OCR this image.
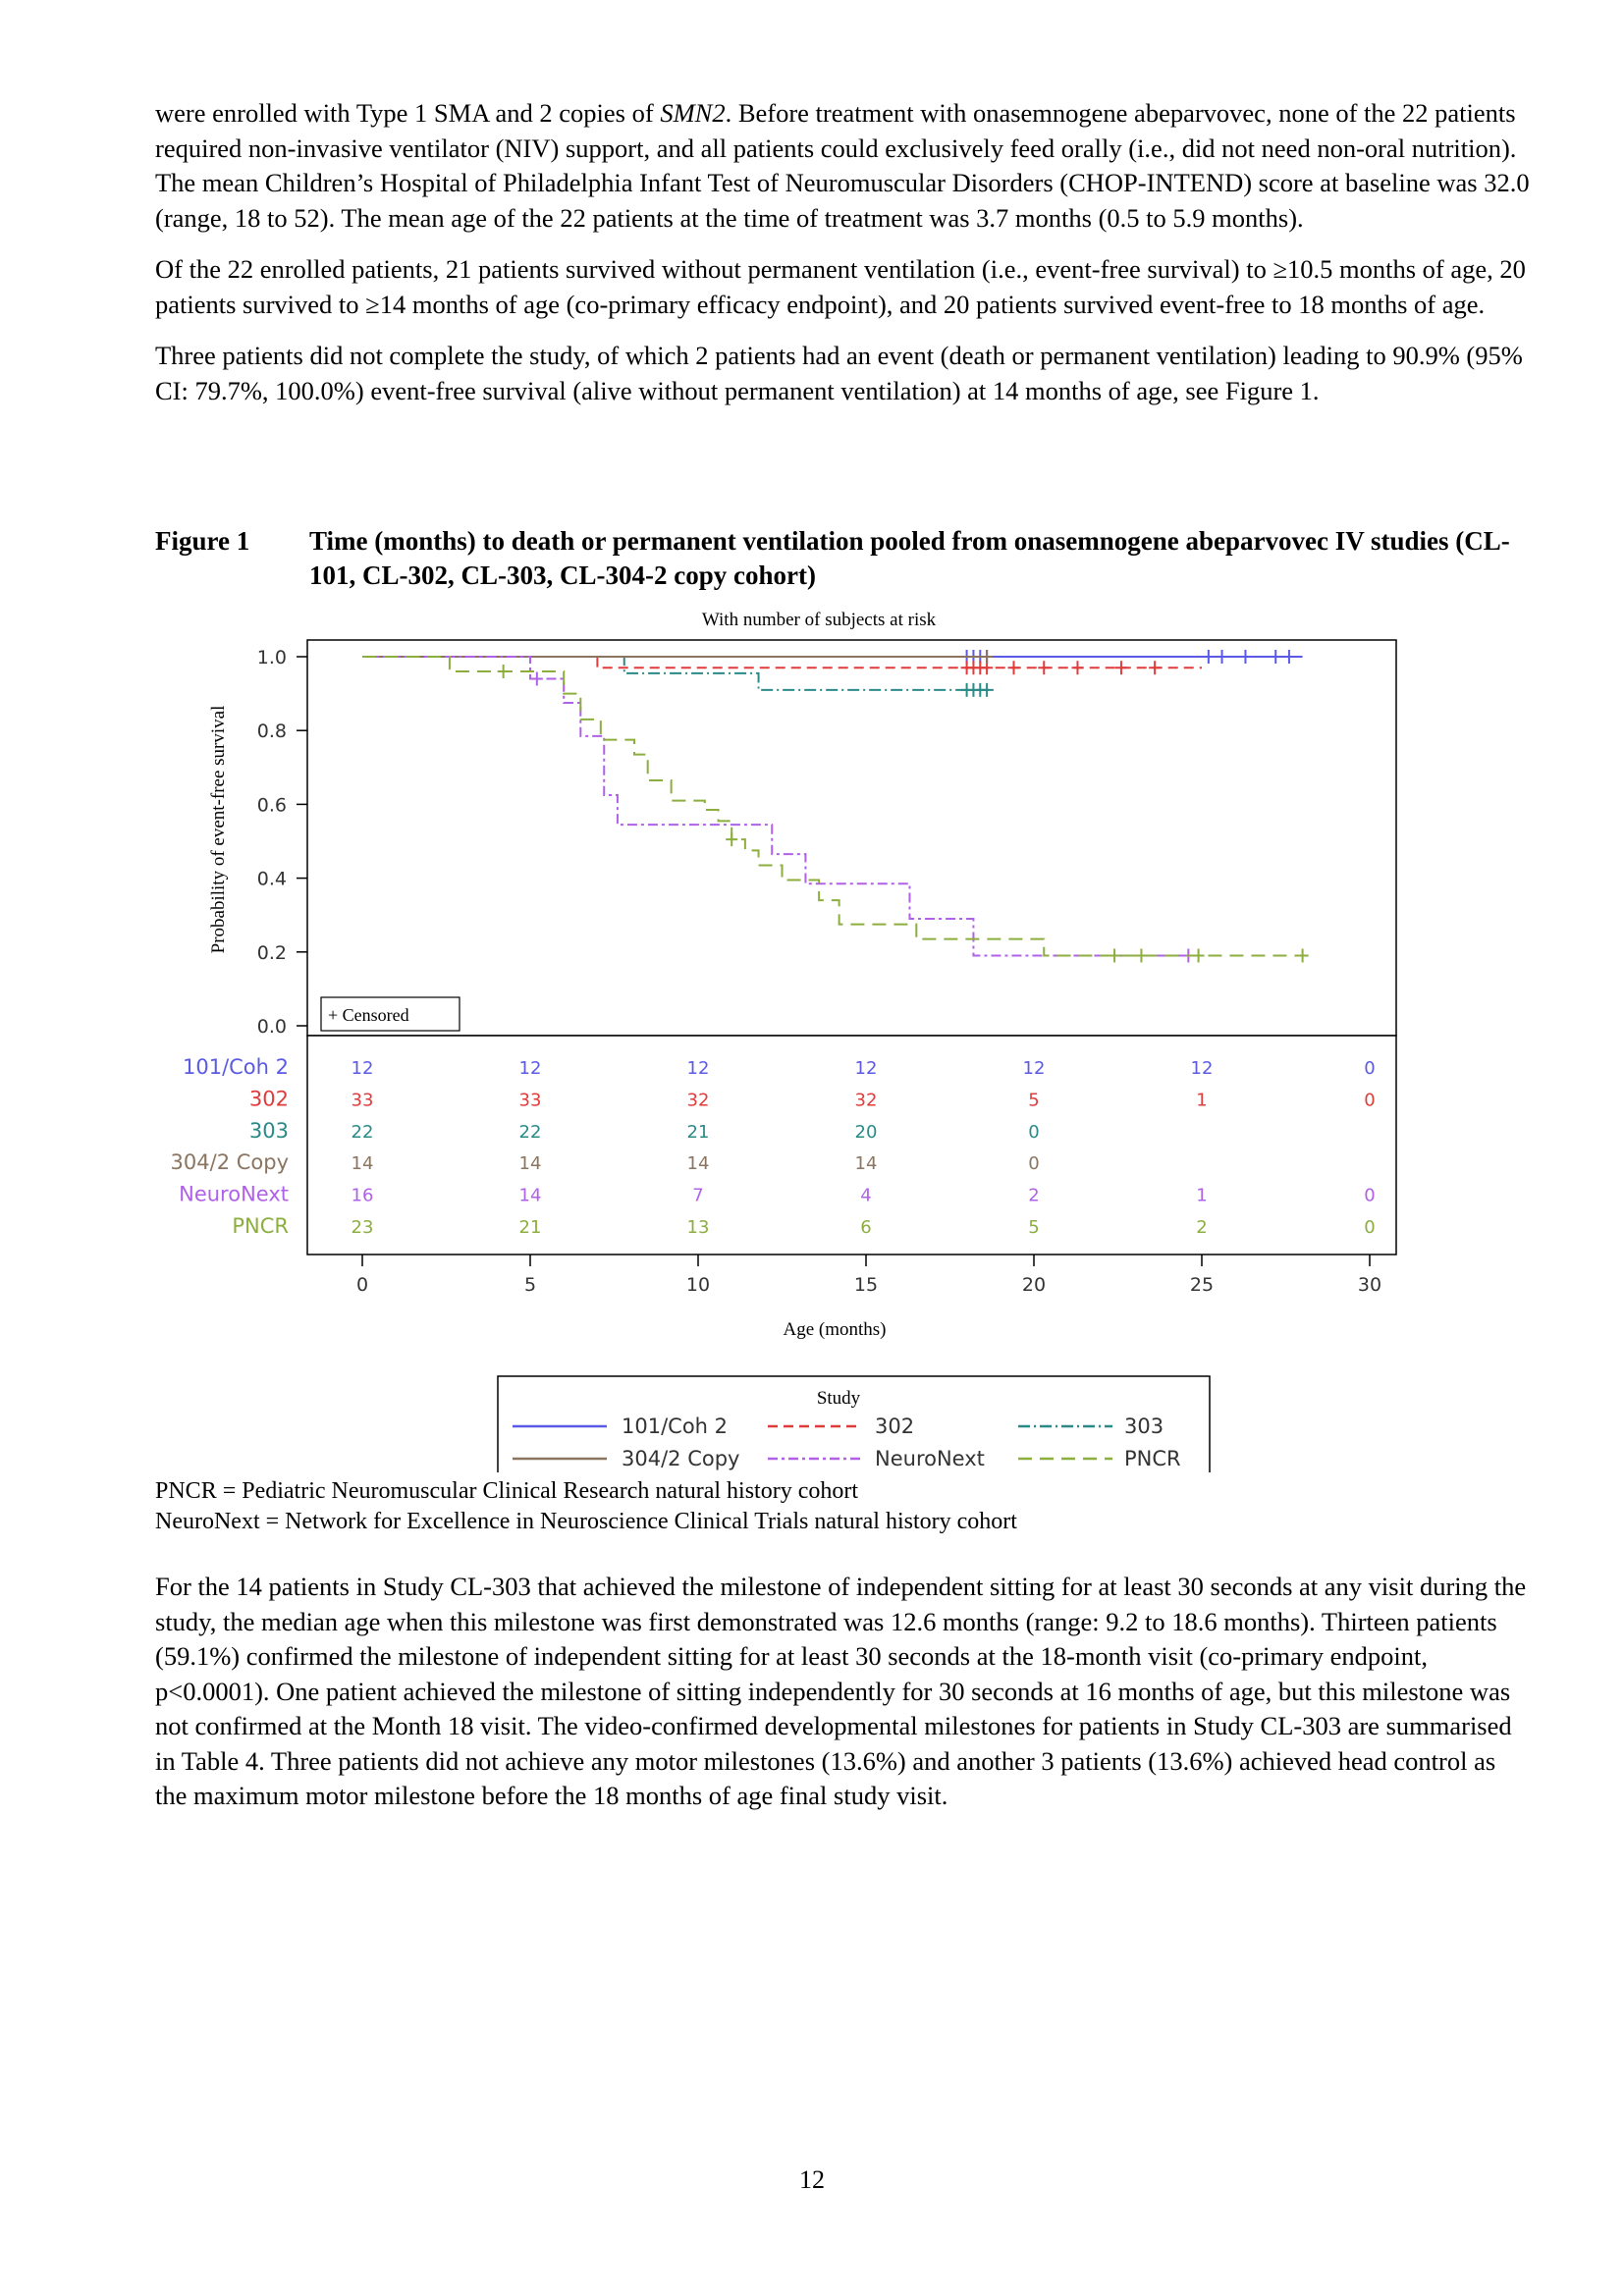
were enrolled with Type 1 SMA and 2 copies of SMN2. Before treatment with onasemnogene abeparvovec, none of the 22 patients required non-invasive ventilator (NIV) support, and all patients could exclusively feed orally (i.e., did not need non-oral nutrition). The mean Children’s Hospital of Philadelphia Infant Test of Neuromuscular Disorders (CHOP-INTEND) score at baseline was 32.0 (range, 18 to 52). The mean age of the 22 patients at the time of treatment was 3.7 months (0.5 to 5.9 months).

Of the 22 enrolled patients, 21 patients survived without permanent ventilation (i.e., event-free survival) to ≥10.5 months of age, 20 patients survived to ≥14 months of age (co-primary efficacy endpoint), and 20 patients survived event-free to 18 months of age.

Three patients did not complete the study, of which 2 patients had an event (death or permanent ventilation) leading to 90.9% (95% CI: 79.7%, 100.0%) event-free survival (alive without permanent ventilation) at 14 months of age, see Figure 1.

Figure 1 Time (months) to death or permanent ventilation pooled from onasemnogene abeparvovec IV studies (CL-101, CL-302, CL-303, CL-304-2 copy cohort)
With number of subjects at risk
0.0
0.2
0.4
0.6
0.8
1.0
0	5	10	15	20	25	30
Probability of event-free survival
Age (months)
+ Censored
101/Coh 2	12	12	12	12	12	12	0
302	33	33	32	32	5	1	0
303	22	22	21	20	0
304/2 Copy	14	14	14	14	0
NeuroNext	16	14	7	4	2	1	0
PNCR	23	21	13	6	5	2	0
Study
101/Coh 2	302	303
304/2 Copy	NeuroNext	PNCR
PNCR = Pediatric Neuromuscular Clinical Research natural history cohort
NeuroNext = Network for Excellence in Neuroscience Clinical Trials natural history cohort

For the 14 patients in Study CL-303 that achieved the milestone of independent sitting for at least 30 seconds at any visit during the study, the median age when this milestone was first demonstrated was 12.6 months (range: 9.2 to 18.6 months). Thirteen patients (59.1%) confirmed the milestone of independent sitting for at least 30 seconds at the 18-month visit (co-primary endpoint, p<0.0001). One patient achieved the milestone of sitting independently for 30 seconds at 16 months of age, but this milestone was not confirmed at the Month 18 visit. The video-confirmed developmental milestones for patients in Study CL-303 are summarised in Table 4. Three patients did not achieve any motor milestones (13.6%) and another 3 patients (13.6%) achieved head control as the maximum motor milestone before the 18 months of age final study visit.

12
